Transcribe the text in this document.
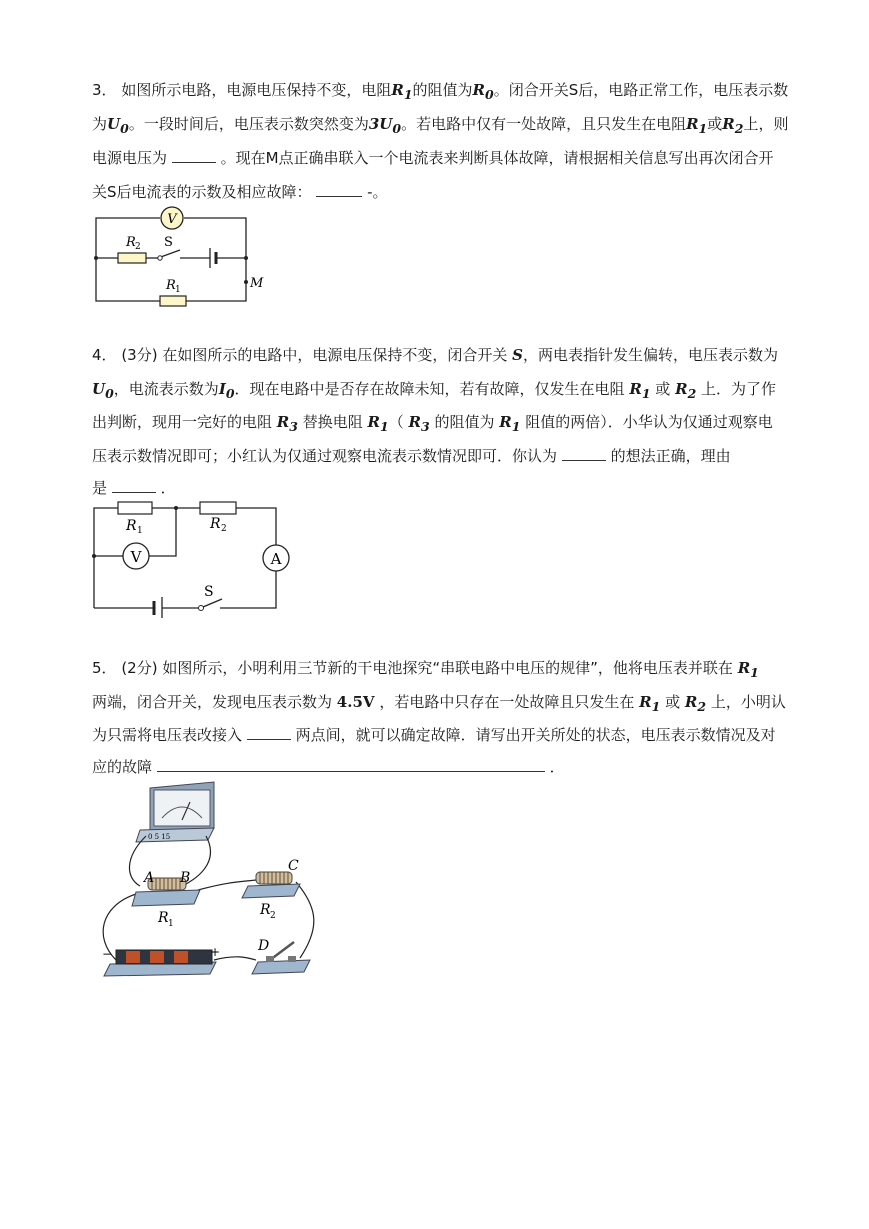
3． 如图所示电路，电源电压保持不变，电阻$R_1$的阻值为$R_0$。闭合开关S后，电路正常工作，电压表示数
为$U_0$。一段时间后，电压表示数突然变为$3U_0$。若电路中仅有一处故障，且只发生在电阻$R_1$或$R_2$上，则
电源电压为	。现在M点正确串联入一个电流表来判断具体故障，请根据相关信息写出再次闭合开
关S后电流表的示数及相应故障：	-。
V
R 2 S
M
R 1
4． (3分) 在如图所示的电路中，电源电压保持不变，闭合开关 S，两电表指针发生偏转，电压表示数为
$U_0$，电流表示数为$I_0$．现在电路中是否存在故障未知，若有故障，仅发生在电阻 $R_1$ 或 $R_2$ 上．为了作
出判断，现用一完好的电阻 $R_3$ 替换电阻 $R_1$（ $R_3$ 的阻值为 $R_1$ 阻值的两倍）．小华认为仅通过观察电
压表示数情况即可；小红认为仅通过观察电流表示数情况即可．你认为	的想法正确，理由
是	．
R 1	R 2
V	A
S
5． (2分) 如图所示，小明利用三节新的干电池探究“串联电路中电压的规律”，他将电压表并联在 $R_1$
两端，闭合开关，发现电压表示数为 4.5V ，若电路中只存在一处故障且只发生在 $R_1$ 或 $R_2$ 上，小明认
为只需将电压表改接入	两点间，就可以确定故障．请写出开关所处的状态，电压表示数情况及对
应的故障	．
0 5 15
A B
R 1
C
R 2
−	+	D
